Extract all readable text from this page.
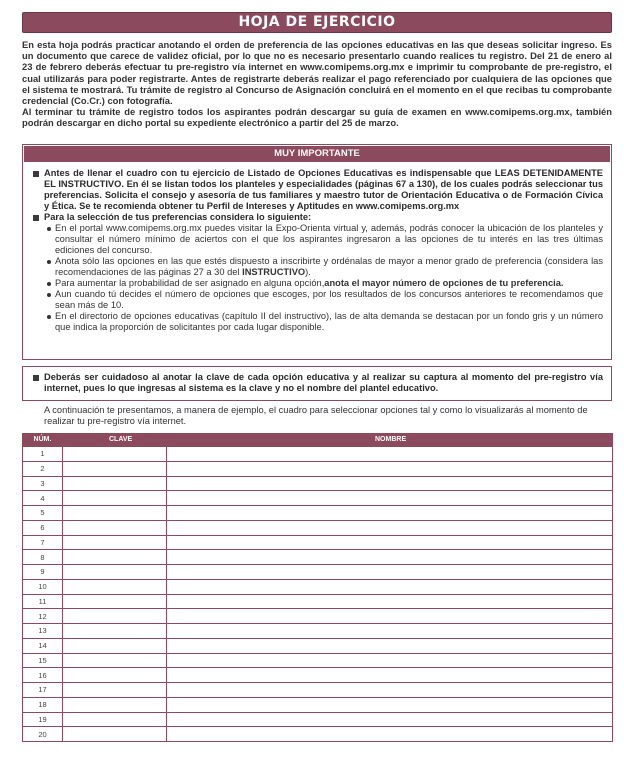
HOJA DE EJERCICIO

En esta hoja podrás practicar anotando el orden de preferencia de las opciones educativas en las que deseas solicitar ingreso. Es un documento que carece de validez oficial, por lo que no es necesario presentarlo cuando realices tu registro. Del 21 de enero al 23 de febrero deberás efectuar tu pre-registro vía internet en www.comipems.org.mx e imprimir tu comprobante de pre-registro, el cual utilizarás para poder registrarte. Antes de registrarte deberás realizar el pago referenciado por cualquiera de las opciones que el sistema te mostrará. Tu trámite de registro al Concurso de Asignación concluirá en el momento en el que recibas tu comprobante credencial (Co.Cr.) con fotografía.

Al terminar tu trámite de registro todos los aspirantes podrán descargar su guía de examen en www.comipems.org.mx, también podrán descargar en dicho portal su expediente electrónico a partir del 25 de marzo.

MUY IMPORTANTE
Antes de llenar el cuadro con tu ejercicio de Listado de Opciones Educativas es indispensable que LEAS DETENIDAMENTE EL INSTRUCTIVO. En él se listan todos los planteles y especialidades (páginas 67 a 130), de los cuales podrás seleccionar tus preferencias. Solicita el consejo y asesoría de tus familiares y maestro tutor de Orientación Educativa o de Formación Cívica y Ética. Se te recomienda obtener tu Perfil de Intereses y Aptitudes en www.comipems.org.mx
Para la selección de tus preferencias considera lo siguiente:
En el portal www.comipems.org.mx puedes visitar la Expo-Orienta virtual y, además, podrás conocer la ubicación de los planteles y consultar el número mínimo de aciertos con el que los aspirantes ingresaron a las opciones de tu interés en las tres últimas ediciones del concurso.
Anota sólo las opciones en las que estés dispuesto a inscribirte y ordénalas de mayor a menor grado de preferencia (considera las recomendaciones de las páginas 27 a 30 del INSTRUCTIVO).
Para aumentar la probabilidad de ser asignado en alguna opción,anota el mayor número de opciones de tu preferencia.
Aun cuando tú decides el número de opciones que escoges, por los resultados de los concursos anteriores te recomendamos que sean más de 10.
En el directorio de opciones educativas (capítulo II del instructivo), las de alta demanda se destacan por un fondo gris y un número que indica la proporción de solicitantes por cada lugar disponible.
Deberás ser cuidadoso al anotar la clave de cada opción educativa y al realizar su captura al momento del pre-registro vía internet, pues lo que ingresas al sistema es la clave y no el nombre del plantel educativo.
A continuación te presentamos, a manera de ejemplo, el cuadro para seleccionar opciones tal y como lo visualizarás al momento de realizar tu pre-registro vía internet.
NÚM.	CLAVE	NOMBRE
1		
2		
3		
4		
5		
6		
7		
8		
9		
10		
11		
12		
13		
14		
15		
16		
17		
18		
19		
20		
